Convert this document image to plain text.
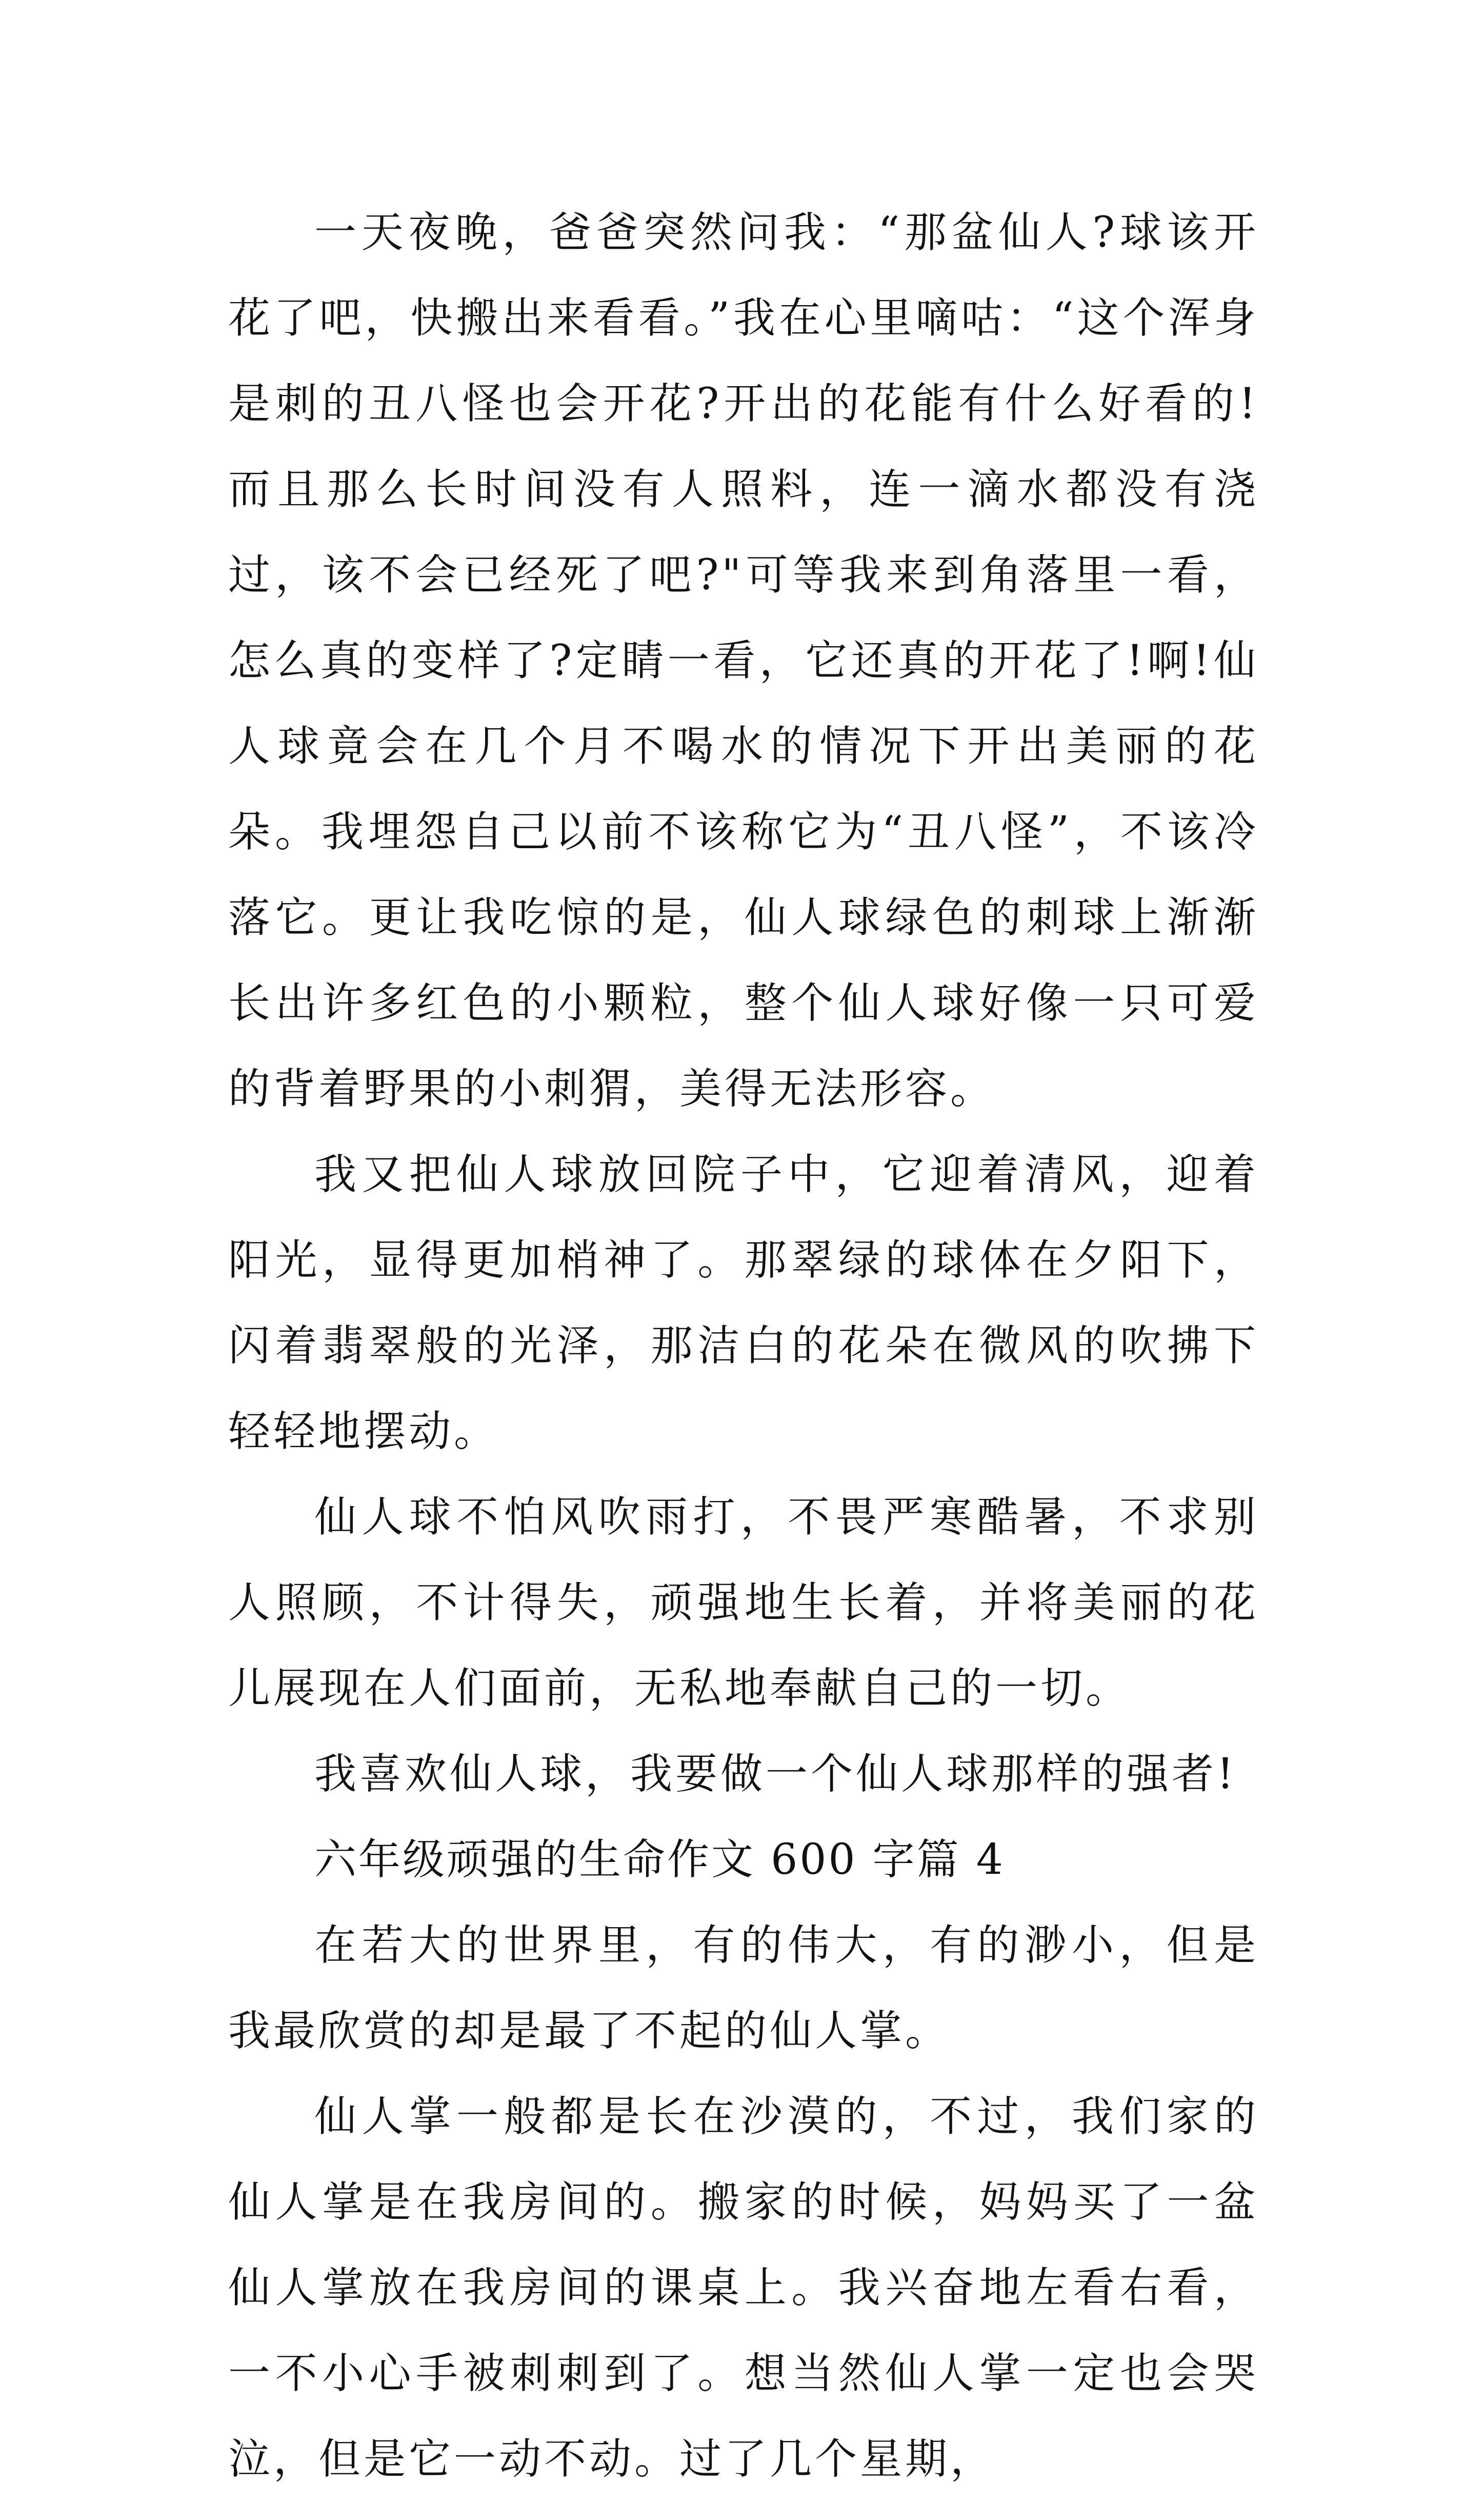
一天夜晚，爸爸突然问我：“那盆仙人?球该开花了吧，快搬出来看看。”我在心里嘀咕：“这个浑身是刺的丑八怪也会开花?开出的花能有什么好看的!而且那么长时间没有人照料，连一滴水都没有浇过，该不会已经死了吧?"可等我来到角落里一看，怎么真的变样了?定睛一看，它还真的开花了!啊!仙人球竟会在几个月不喝水的情况下开出美丽的花朵。我埋怨自己以前不该称它为“丑八怪”，不该冷落它。更让我吃惊的是，仙人球绿色的刺球上渐渐长出许多红色的小颗粒，整个仙人球好像一只可爱的背着野果的小刺猬，美得无法形容。

我又把仙人球放回院子中，它迎着清风，迎着阳光，显得更加梢神了。那翠绿的球体在夕阳下，闪着翡翠般的光泽，那洁白的花朵在微风的吹拂下轻轻地摆动。

仙人球不怕风吹雨打，不畏严寒酷暑，不求别人照顾，不计得失，顽强地生长着，并将美丽的花儿展现在人们面前，无私地奉献自己的一切。

我喜欢仙人球，我要做一个仙人球那样的强者!

六年级顽强的生命作文 600 字篇 4

在若大的世界里，有的伟大，有的渺小，但是我最欣赏的却是最了不起的仙人掌。

仙人掌一般都是长在沙漠的，不过，我们家的仙人掌是在我房间的。搬家的时候，妈妈买了一盆仙人掌放在我房间的课桌上。我兴奋地左看右看，一不小心手被刺刺到了。想当然仙人掌一定也会哭泣，但是它一动不动。过了几个星期，
